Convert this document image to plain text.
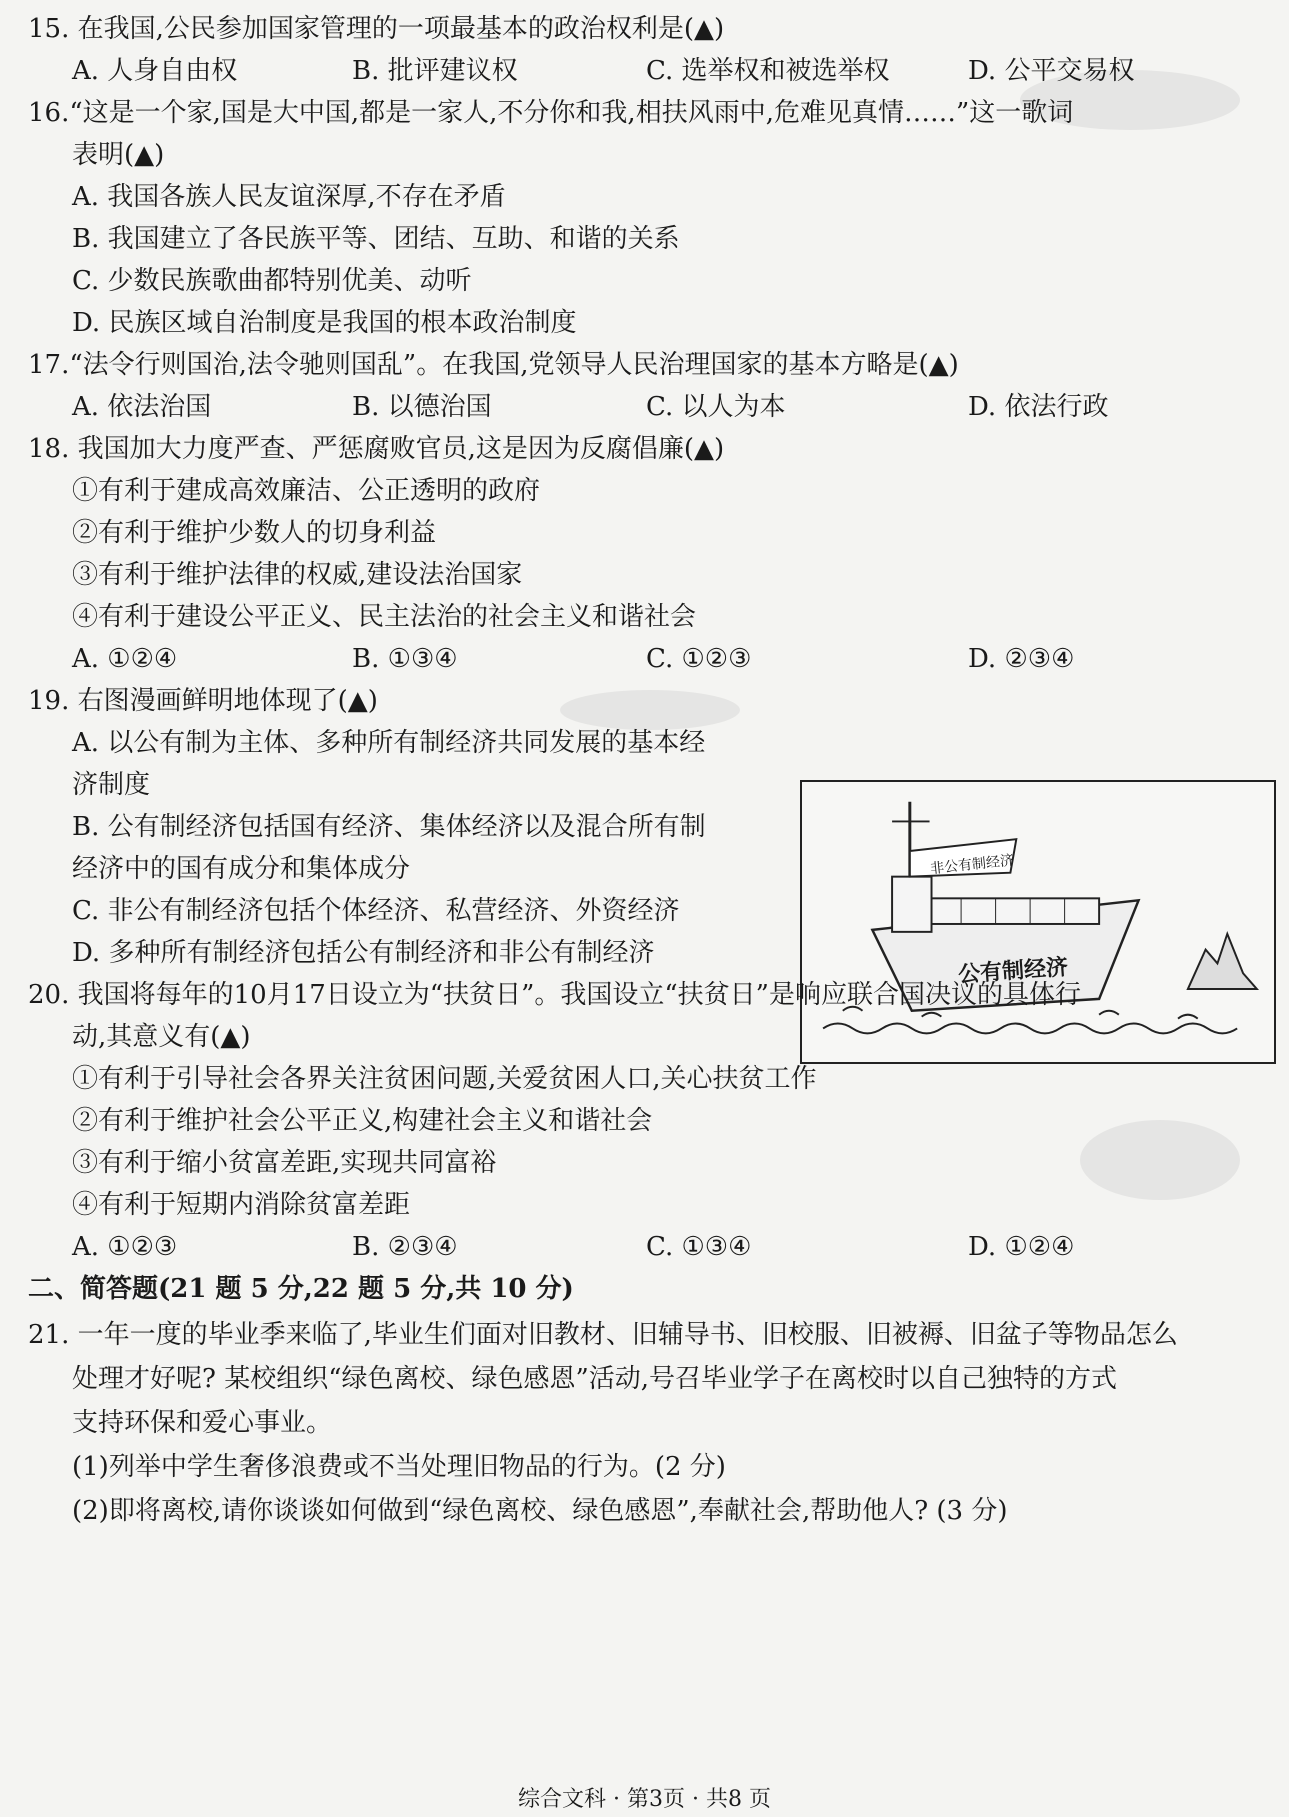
15. 在我国,公民参加国家管理的一项最基本的政治权利是(▲)
A. 人身自由权	B. 批评建议权	C. 选举权和被选举权	D. 公平交易权
16.“这是一个家,国是大中国,都是一家人,不分你和我,相扶风雨中,危难见真情……”这一歌词
表明(▲)
A. 我国各族人民友谊深厚,不存在矛盾
B. 我国建立了各民族平等、团结、互助、和谐的关系
C. 少数民族歌曲都特别优美、动听
D. 民族区域自治制度是我国的根本政治制度
17.“法令行则国治,法令驰则国乱”。在我国,党领导人民治理国家的基本方略是(▲)
A. 依法治国	B. 以德治国	C. 以人为本	D. 依法行政
18. 我国加大力度严查、严惩腐败官员,这是因为反腐倡廉(▲)
①有利于建成高效廉洁、公正透明的政府
②有利于维护少数人的切身利益
③有利于维护法律的权威,建设法治国家
④有利于建设公平正义、民主法治的社会主义和谐社会
A. ①②④	B. ①③④	C. ①②③	D. ②③④
19. 右图漫画鲜明地体现了(▲)
A. 以公有制为主体、多种所有制经济共同发展的基本经
济制度
B. 公有制经济包括国有经济、集体经济以及混合所有制
经济中的国有成分和集体成分
C. 非公有制经济包括个体经济、私营经济、外资经济
D. 多种所有制经济包括公有制经济和非公有制经济
非公有制经济
公有制经济
20. 我国将每年的10月17日设立为“扶贫日”。我国设立“扶贫日”是响应联合国决议的具体行
动,其意义有(▲)
①有利于引导社会各界关注贫困问题,关爱贫困人口,关心扶贫工作
②有利于维护社会公平正义,构建社会主义和谐社会
③有利于缩小贫富差距,实现共同富裕
④有利于短期内消除贫富差距
A. ①②③	B. ②③④	C. ①③④	D. ①②④
二、简答题(21 题 5 分,22 题 5 分,共 10 分)
21. 一年一度的毕业季来临了,毕业生们面对旧教材、旧辅导书、旧校服、旧被褥、旧盆子等物品怎么
处理才好呢? 某校组织“绿色离校、绿色感恩”活动,号召毕业学子在离校时以自己独特的方式
支持环保和爱心事业。
(1)列举中学生奢侈浪费或不当处理旧物品的行为。(2 分)
(2)即将离校,请你谈谈如何做到“绿色离校、绿色感恩”,奉献社会,帮助他人? (3 分)
综合文科 · 第3页 · 共8 页
